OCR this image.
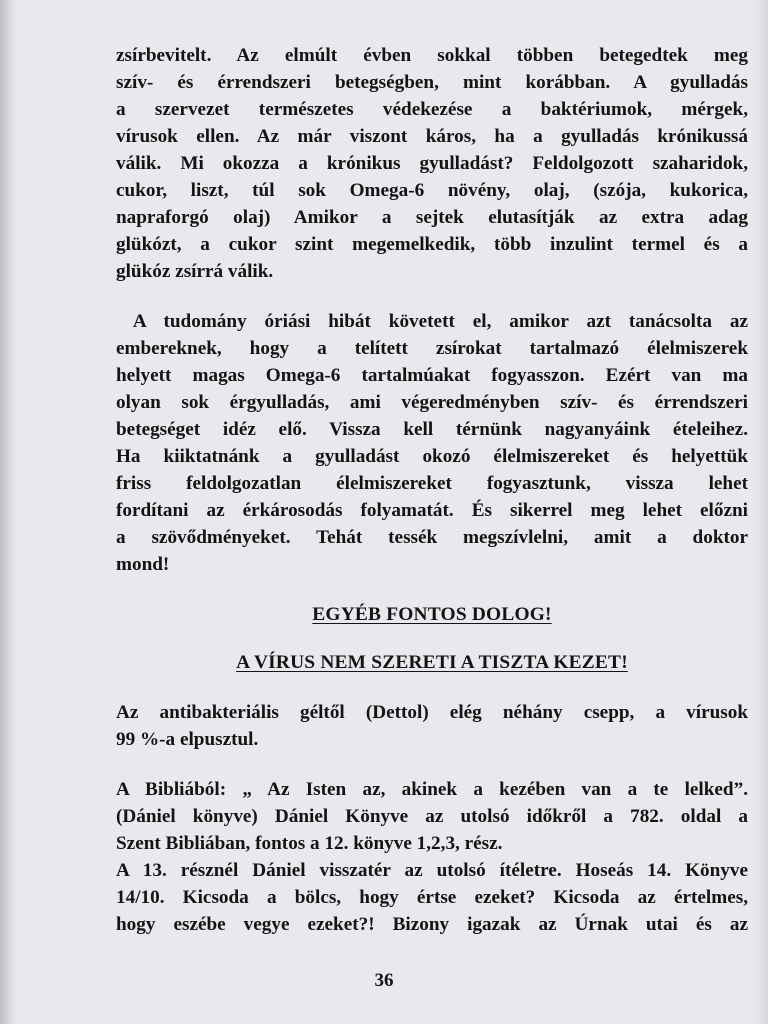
zsírbevitelt. Az elmúlt évben sokkal többen betegedtek meg
szív- és érrendszeri betegségben, mint korábban. A gyulladás
a szervezet természetes védekezése a baktériumok, mérgek,
vírusok ellen. Az már viszont káros, ha a gyulladás krónikussá
válik. Mi okozza a krónikus gyulladást? Feldolgozott szaharidok,
cukor, liszt, túl sok Omega-6 növény, olaj, (szója, kukorica,
napraforgó olaj) Amikor a sejtek elutasítják az extra adag
glükózt, a cukor szint megemelkedik, több inzulint termel és a
glükóz zsírrá válik.
A tudomány óriási hibát követett el, amikor azt tanácsolta az
embereknek, hogy a telített zsírokat tartalmazó élelmiszerek
helyett magas Omega-6 tartalmúakat fogyasszon. Ezért van ma
olyan sok érgyulladás, ami végeredményben szív- és érrendszeri
betegséget idéz elő. Vissza kell térnünk nagyanyáink ételeihez.
Ha kiiktatnánk a gyulladást okozó élelmiszereket és helyettük
friss feldolgozatlan élelmiszereket fogyasztunk, vissza lehet
fordítani az érkárosodás folyamatát. És sikerrel meg lehet előzni
a szövődményeket. Tehát tessék megszívlelni, amit a doktor
mond!

EGYÉB FONTOS DOLOG!

A VÍRUS NEM SZERETI A TISZTA KEZET!

Az antibakteriális géltől (Dettol) elég néhány csepp, a vírusok
99 %-a elpusztul.
A Bibliából: „ Az Isten az, akinek a kezében van a te lelked”.
(Dániel könyve) Dániel Könyve az utolsó időkről a 782. oldal a
Szent Bibliában, fontos a 12. könyve 1,2,3, rész.
A 13. résznél Dániel visszatér az utolsó ítéletre. Hoseás 14. Könyve
14/10. Kicsoda a bölcs, hogy értse ezeket? Kicsoda az értelmes,
hogy eszébe vegye ezeket?! Bizony igazak az Úrnak utai és az
36
